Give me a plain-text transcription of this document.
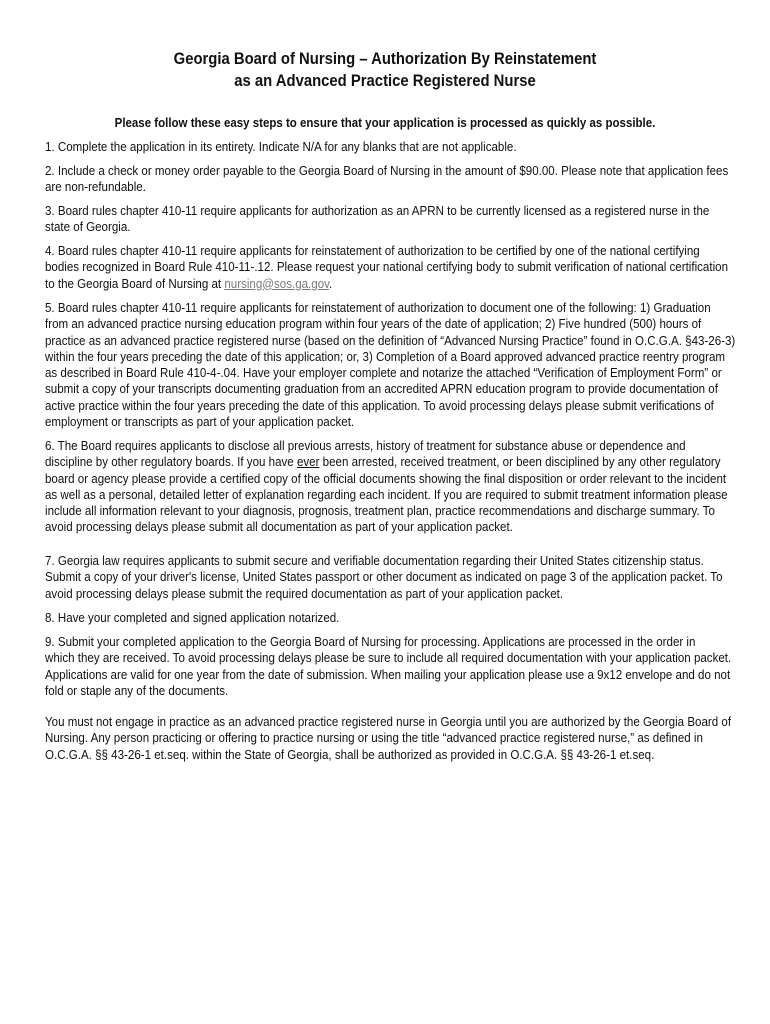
Georgia Board of Nursing – Authorization By Reinstatement
as an Advanced Practice Registered Nurse
Please follow these easy steps to ensure that your application is processed as quickly as possible.
1. Complete the application in its entirety. Indicate N/A for any blanks that are not applicable.
2. Include a check or money order payable to the Georgia Board of Nursing in the amount of $90.00. Please note that application fees
are non-refundable.
3. Board rules chapter 410-11 require applicants for authorization as an APRN to be currently licensed as a registered nurse in the
state of Georgia.
4. Board rules chapter 410-11 require applicants for reinstatement of authorization to be certified by one of the national certifying
bodies recognized in Board Rule 410-11-.12. Please request your national certifying body to submit verification of national certification
to the Georgia Board of Nursing at nursing@sos.ga.gov.
5. Board rules chapter 410-11 require applicants for reinstatement of authorization to document one of the following: 1) Graduation
from an advanced practice nursing education program within four years of the date of application; 2) Five hundred (500) hours of
practice as an advanced practice registered nurse (based on the definition of “Advanced Nursing Practice” found in O.C.G.A. §43-26-3)
within the four years preceding the date of this application; or, 3) Completion of a Board approved advanced practice reentry program
as described in Board Rule 410-4-.04. Have your employer complete and notarize the attached “Verification of Employment Form” or
submit a copy of your transcripts documenting graduation from an accredited APRN education program to provide documentation of
active practice within the four years preceding the date of this application. To avoid processing delays please submit verifications of
employment or transcripts as part of your application packet.
6. The Board requires applicants to disclose all previous arrests, history of treatment for substance abuse or dependence and
discipline by other regulatory boards. If you have ever been arrested, received treatment, or been disciplined by any other regulatory
board or agency please provide a certified copy of the official documents showing the final disposition or order relevant to the incident
as well as a personal, detailed letter of explanation regarding each incident. If you are required to submit treatment information please
include all information relevant to your diagnosis, prognosis, treatment plan, practice recommendations and discharge summary. To
avoid processing delays please submit all documentation as part of your application packet.
7. Georgia law requires applicants to submit secure and verifiable documentation regarding their United States citizenship status.
Submit a copy of your driver's license, United States passport or other document as indicated on page 3 of the application packet. To
avoid processing delays please submit the required documentation as part of your application packet.
8. Have your completed and signed application notarized.
9. Submit your completed application to the Georgia Board of Nursing for processing. Applications are processed in the order in
which they are received. To avoid processing delays please be sure to include all required documentation with your application packet.
Applications are valid for one year from the date of submission. When mailing your application please use a 9x12 envelope and do not
fold or staple any of the documents.
You must not engage in practice as an advanced practice registered nurse in Georgia until you are authorized by the Georgia Board of
Nursing. Any person practicing or offering to practice nursing or using the title “advanced practice registered nurse,” as defined in
O.C.G.A. §§ 43-26-1 et.seq. within the State of Georgia, shall be authorized as provided in O.C.G.A. §§ 43-26-1 et.seq.
